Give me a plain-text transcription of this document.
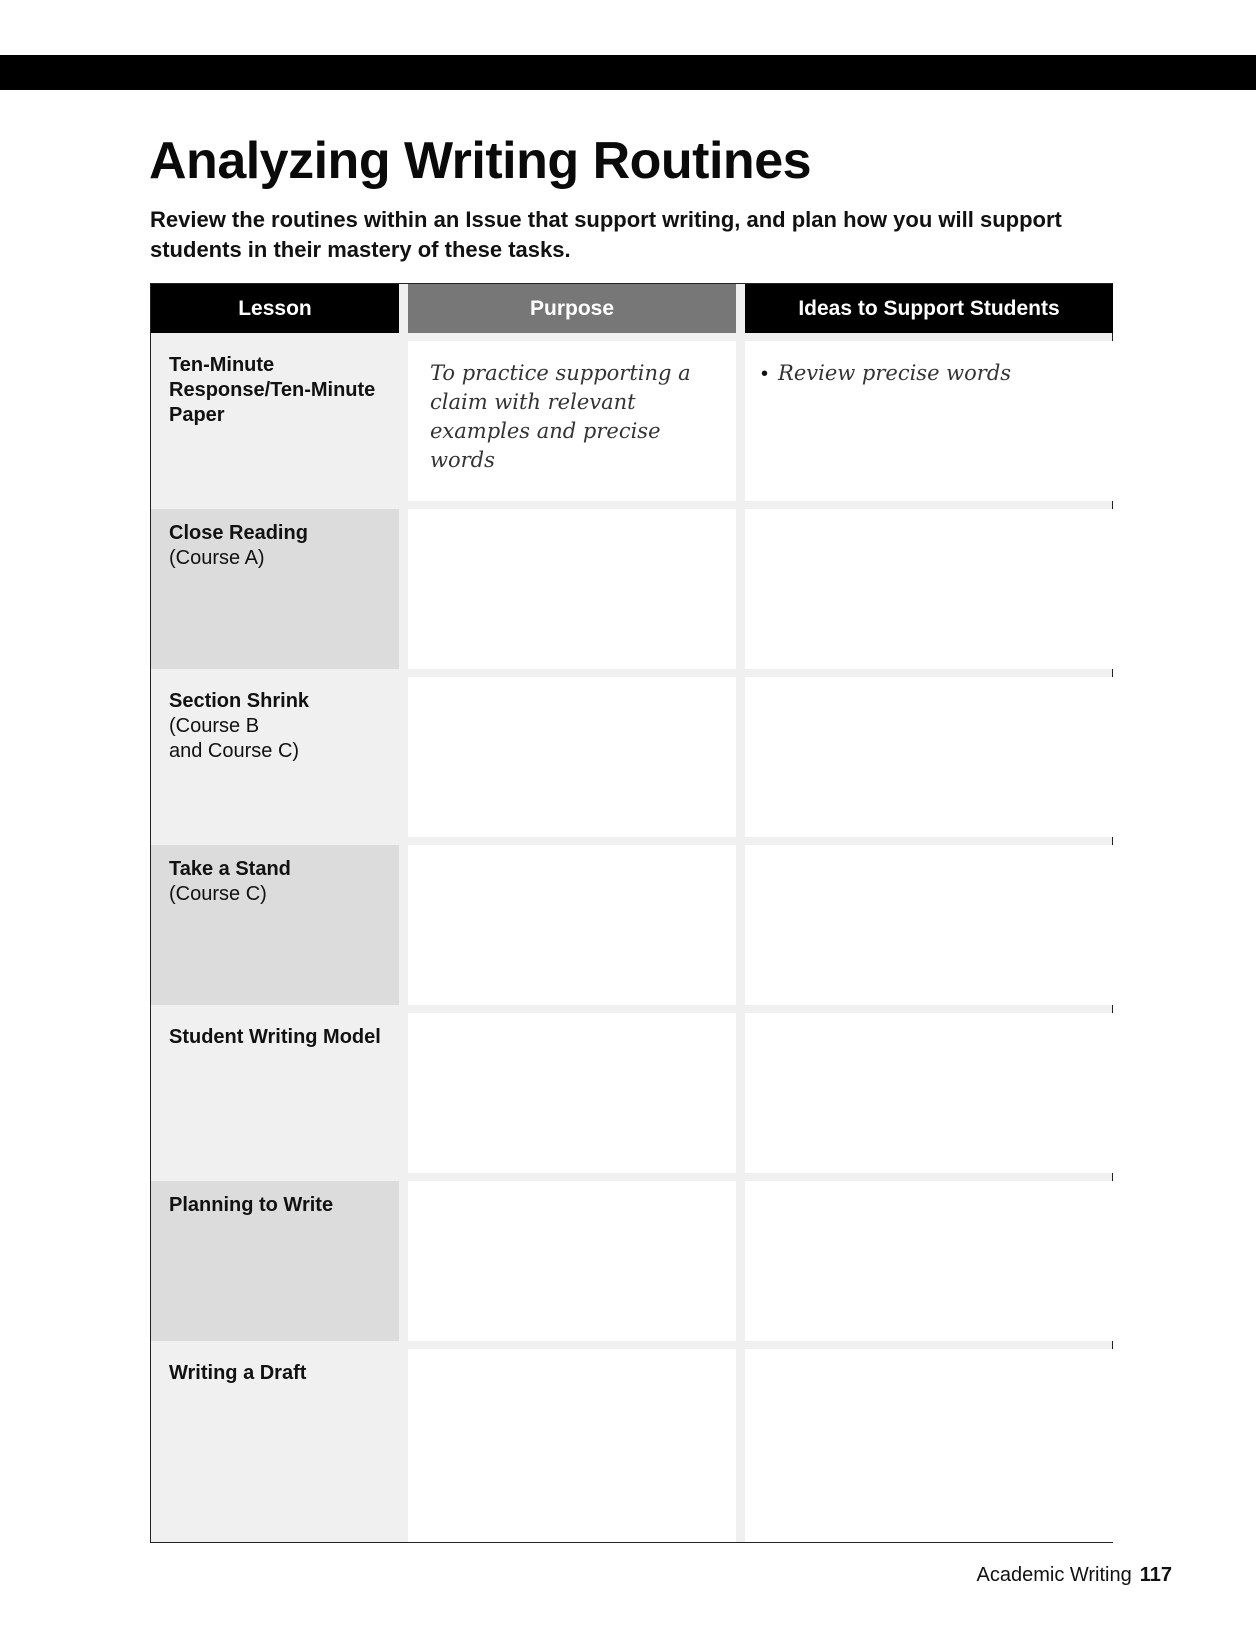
Analyzing Writing Routines

Review the routines within an Issue that support writing, and plan how you will support students in their mastery of these tasks.

Lesson	Purpose	Ideas to Support Students
Ten-Minute Response/Ten-Minute Paper
To practice supporting a claim with relevant examples and precise words
• Review precise words
Close Reading
(Course A)
Section Shrink
(Course B
and Course C)
Take a Stand
(Course C)
Student Writing Model
Planning to Write
Writing a Draft
Academic Writing 117
